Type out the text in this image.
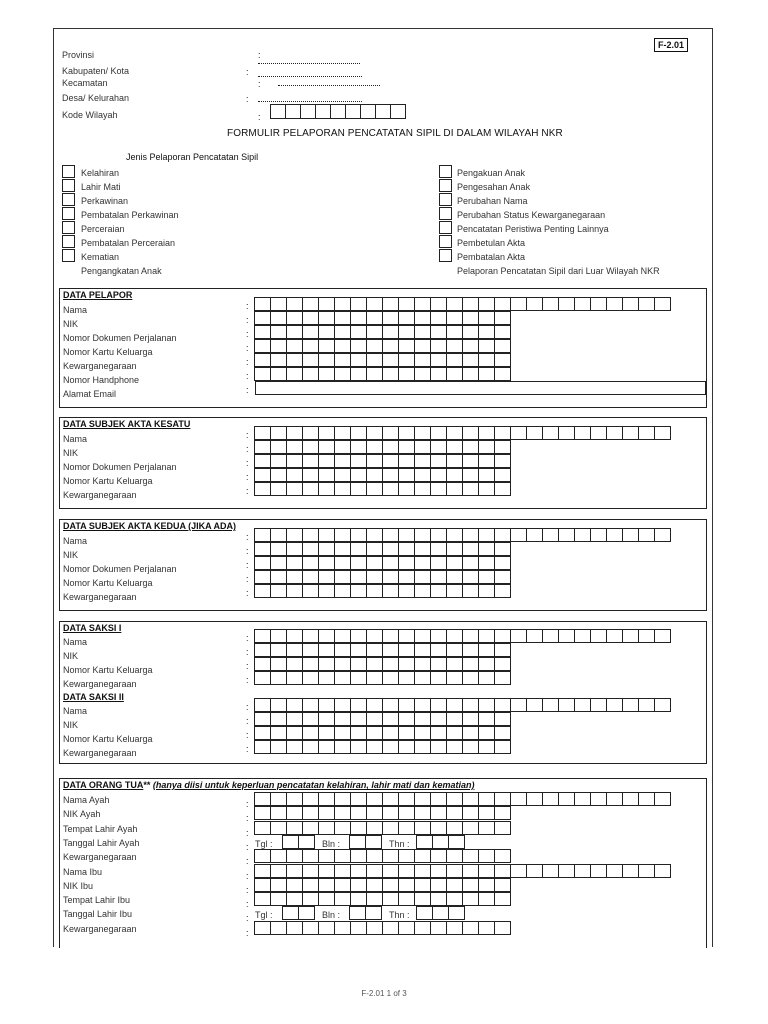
F-2.01
Provinsi	:
Kabupaten/ Kota	:
Kecamatan	:
Desa/ Kelurahan	:
Kode Wilayah	:
FORMULIR PELAPORAN PENCATATAN SIPIL DI DALAM WILAYAH NKR
Jenis Pelaporan Pencatatan Sipil
Kelahiran
Lahir Mati
Perkawinan
Pembatalan Perkawinan
Perceraian
Pembatalan Perceraian
Kematian
Pengangkatan Anak
Pengakuan Anak
Pengesahan Anak
Perubahan Nama
Perubahan Status Kewarganegaraan
Pencatatan Peristiwa Penting Lainnya
Pembetulan Akta
Pembatalan Akta
Pelaporan Pencatatan Sipil dari Luar Wilayah NKR
DATA PELAPOR
Nama	:
NIK	:
Nomor Dokumen Perjalanan	:
Nomor Kartu Keluarga	:
Kewarganegaraan	:
Nomor Handphone	:
Alamat Email	:
DATA SUBJEK AKTA KESATU
Nama	:
NIK	:
Nomor Dokumen Perjalanan	:
Nomor Kartu Keluarga	:
Kewarganegaraan	:
DATA SUBJEK AKTA KEDUA (JIKA ADA)
Nama	:
NIK	:
Nomor Dokumen Perjalanan	:
Nomor Kartu Keluarga	:
Kewarganegaraan	:
DATA SAKSI I
Nama	:
NIK	:
Nomor Kartu Keluarga	:
Kewarganegaraan	:
DATA SAKSI II
Nama	:
NIK	:
Nomor Kartu Keluarga	:
Kewarganegaraan	:
DATA ORANG TUA** (hanya diisi untuk keperluan pencatatan kelahiran, lahir mati dan kematian)
Nama Ayah	:
NIK Ayah	:
Tempat Lahir Ayah	:
Tanggal Lahir Ayah	: Tgl :	Bln :	Thn :
Kewarganegaraan	:
Nama Ibu	:
NIK Ibu	:
Tempat Lahir Ibu	:
Tanggal Lahir Ibu	: Tgl :	Bln :	Thn :
Kewarganegaraan	:
F-2.01 1 of 3
